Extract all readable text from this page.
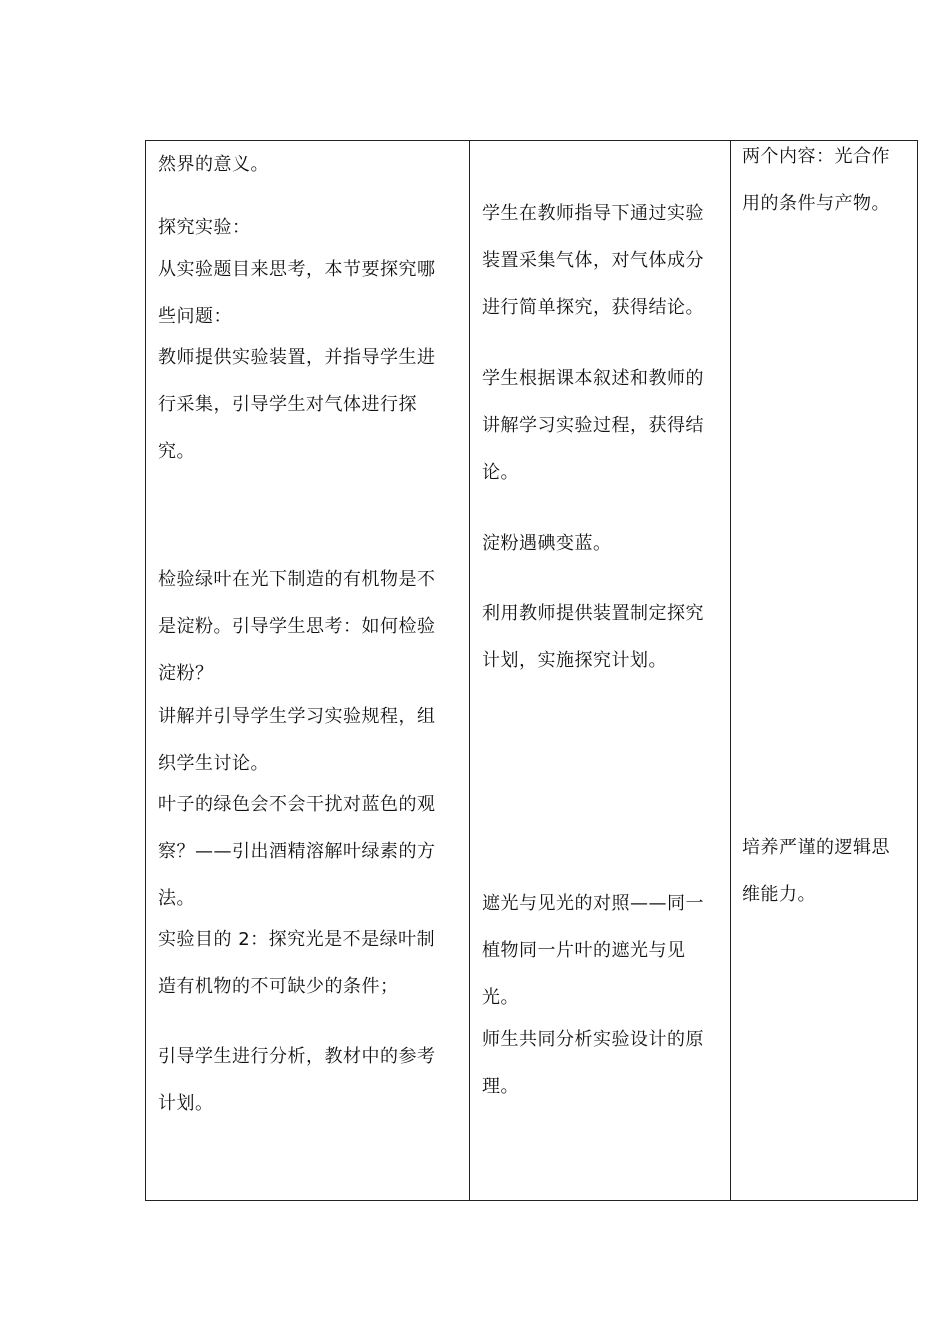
然界的意义。
探究实验：
从实验题目来思考，本节要探究哪
些问题：
教师提供实验装置，并指导学生进
行采集，引导学生对气体进行探
究。
检验绿叶在光下制造的有机物是不
是淀粉。引导学生思考：如何检验
淀粉？
讲解并引导学生学习实验规程，组
织学生讨论。
叶子的绿色会不会干扰对蓝色的观
察？——引出酒精溶解叶绿素的方
法。
实验目的 2：探究光是不是绿叶制
造有机物的不可缺少的条件；
引导学生进行分析，教材中的参考
计划。
学生在教师指导下通过实验
装置采集气体，对气体成分
进行简单探究，获得结论。
学生根据课本叙述和教师的
讲解学习实验过程，获得结
论。
淀粉遇碘变蓝。
利用教师提供装置制定探究
计划，实施探究计划。
遮光与见光的对照——同一
植物同一片叶的遮光与见
光。
师生共同分析实验设计的原
理。
两个内容：光合作
用的条件与产物。
培养严谨的逻辑思
维能力。
